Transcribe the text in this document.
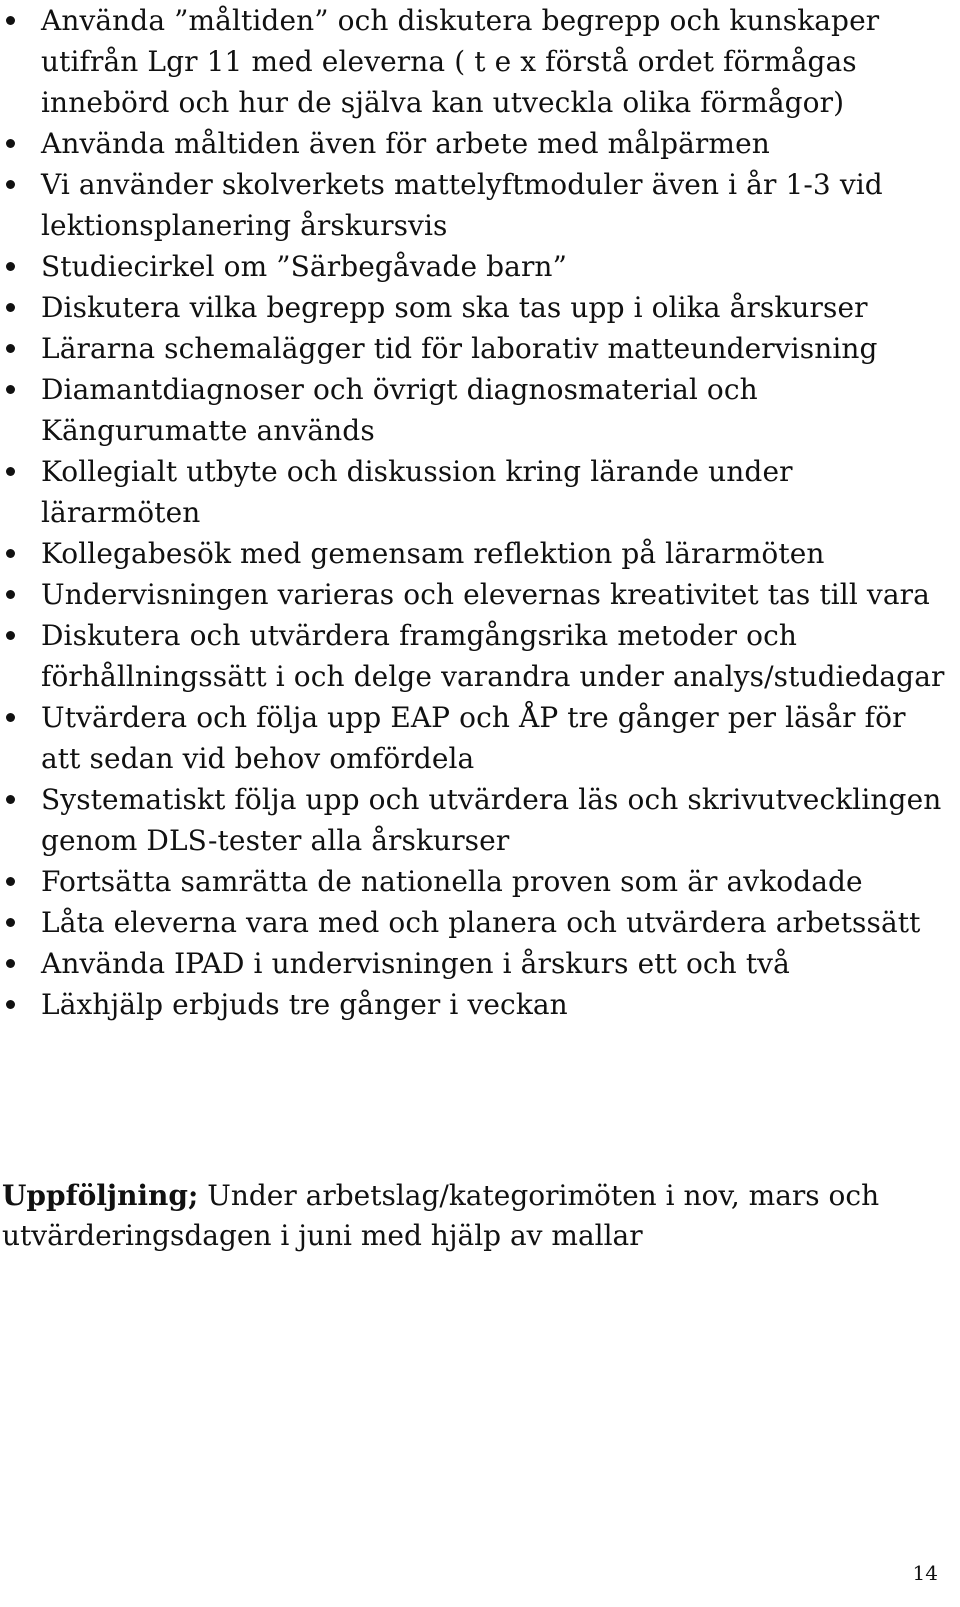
Använda ”måltiden” och diskutera begrepp och kunskaper utifrån Lgr 11 med eleverna ( t e x förstå ordet förmågas innebörd och hur de själva kan utveckla olika förmågor)
Använda måltiden även för arbete med målpärmen
Vi använder skolverkets mattelyftmoduler även i år 1-3 vid lektionsplanering årskursvis
Studiecirkel om ”Särbegåvade barn”
Diskutera vilka begrepp som ska tas upp i olika årskurser
Lärarna schemalägger tid för laborativ matteundervisning
Diamantdiagnoser och övrigt diagnosmaterial och Kängurumatte används
Kollegialt utbyte och diskussion kring lärande under lärarmöten
Kollegabesök med gemensam reflektion på lärarmöten
Undervisningen varieras och elevernas kreativitet tas till vara
Diskutera och utvärdera framgångsrika metoder och förhållningssätt i och delge varandra under analys/studiedagar
Utvärdera och följa upp EAP och ÅP tre gånger per läsår för att sedan vid behov omfördela
Systematiskt följa upp och utvärdera läs och skrivutvecklingen genom DLS-tester alla årskurser
Fortsätta samrätta de nationella proven som är avkodade
Låta eleverna vara med och planera och utvärdera arbetssätt
Använda IPAD i undervisningen i årskurs ett och två
Läxhjälp erbjuds tre gånger i veckan

Uppföljning; Under arbetslag/kategorimöten i nov, mars och utvärderingsdagen i juni med hjälp av mallar

14
